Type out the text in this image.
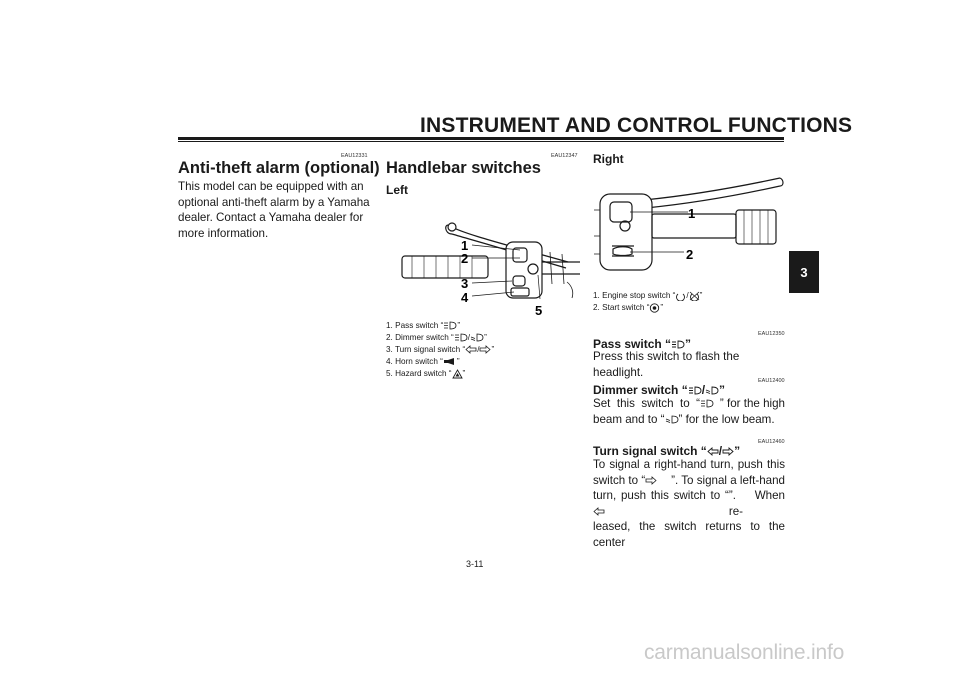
INSTRUMENT AND CONTROL FUNCTIONS
3
EAU12331
Anti-theft alarm (optional)
This model can be equipped with an
optional anti-theft alarm by a Yamaha
dealer. Contact a Yamaha dealer for
more information.
EAU12347
Handlebar switches
Left
1
2
3
4
5
1. Pass switch “ ”
2. Dimmer switch “ / ”
3. Turn signal switch “ / ”
4. Horn switch “ ”
5. Hazard switch “ ”
Right
1
2
1. Engine stop switch “ / ”
2. Start switch “ ”
EAU12350
Pass switch “ ”
Press this switch to flash the headlight.
EAU12400
Dimmer switch “ / ”
Set  this  switch  to  “	” for the high
beam and to “ ” for the low beam.
EAU12460
Turn signal switch “ / ”
To signal a right-hand turn, push this
switch to “	”. To signal a left-hand
turn, push this switch to “ ”. When re-
leased, the switch returns to the center
3-11
carmanualsonline.info
